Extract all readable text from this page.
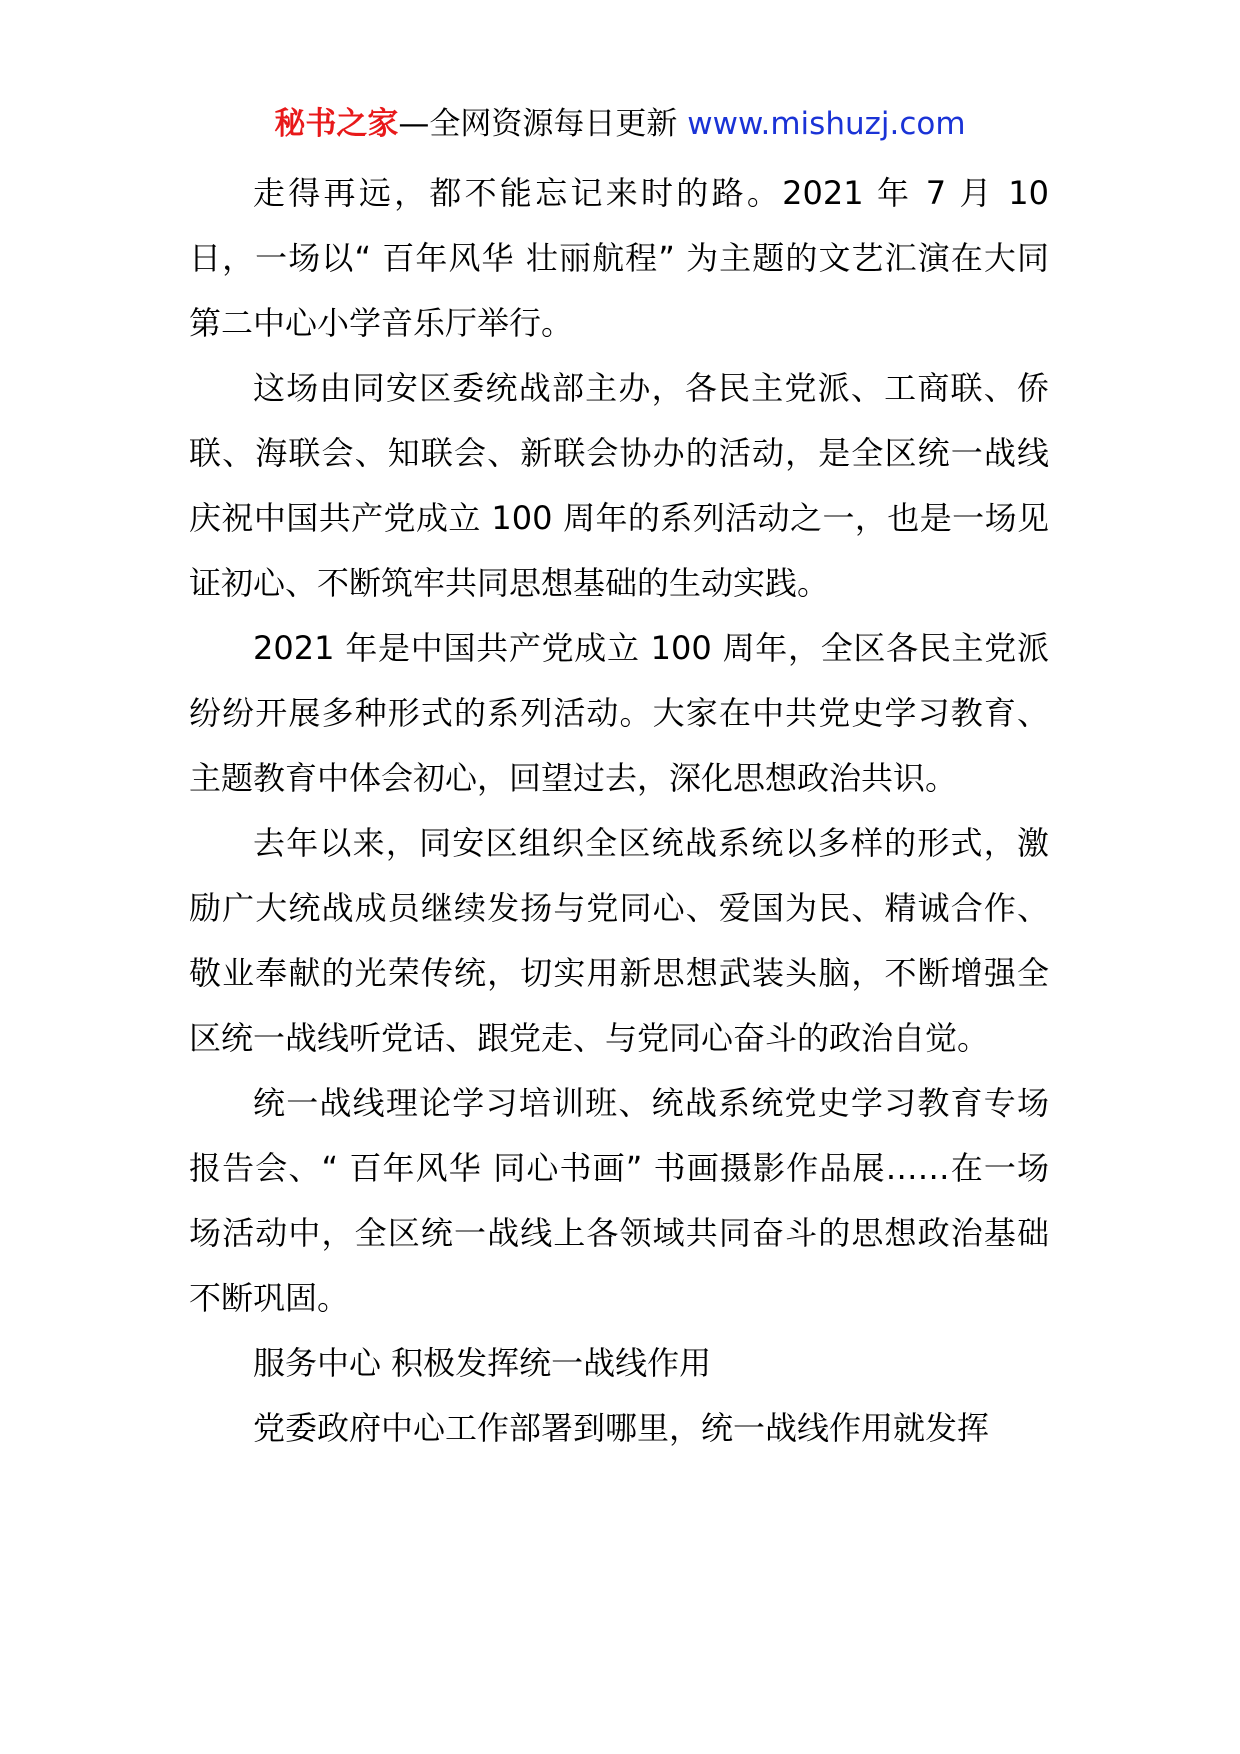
秘书之家—全网资源每日更新 www.mishuzj.com

走得再远，都不能忘记来时的路。2021 年 7 月 10 日，一场以“ 百年风华 壮丽航程” 为主题的文艺汇演在大同第二中心小学音乐厅举行。

这场由同安区委统战部主办，各民主党派、工商联、侨联、海联会、知联会、新联会协办的活动，是全区统一战线庆祝中国共产党成立 100 周年的系列活动之一，也是一场见证初心、不断筑牢共同思想基础的生动实践。

2021 年是中国共产党成立 100 周年，全区各民主党派纷纷开展多种形式的系列活动。大家在中共党史学习教育、主题教育中体会初心，回望过去，深化思想政治共识。

去年以来，同安区组织全区统战系统以多样的形式，激励广大统战成员继续发扬与党同心、爱国为民、精诚合作、敬业奉献的光荣传统，切实用新思想武装头脑，不断增强全区统一战线听党话、跟党走、与党同心奋斗的政治自觉。

统一战线理论学习培训班、统战系统党史学习教育专场报告会、“ 百年风华 同心书画” 书画摄影作品展……在一场场活动中，全区统一战线上各领域共同奋斗的思想政治基础不断巩固。

服务中心 积极发挥统一战线作用

党委政府中心工作部署到哪里，统一战线作用就发挥
